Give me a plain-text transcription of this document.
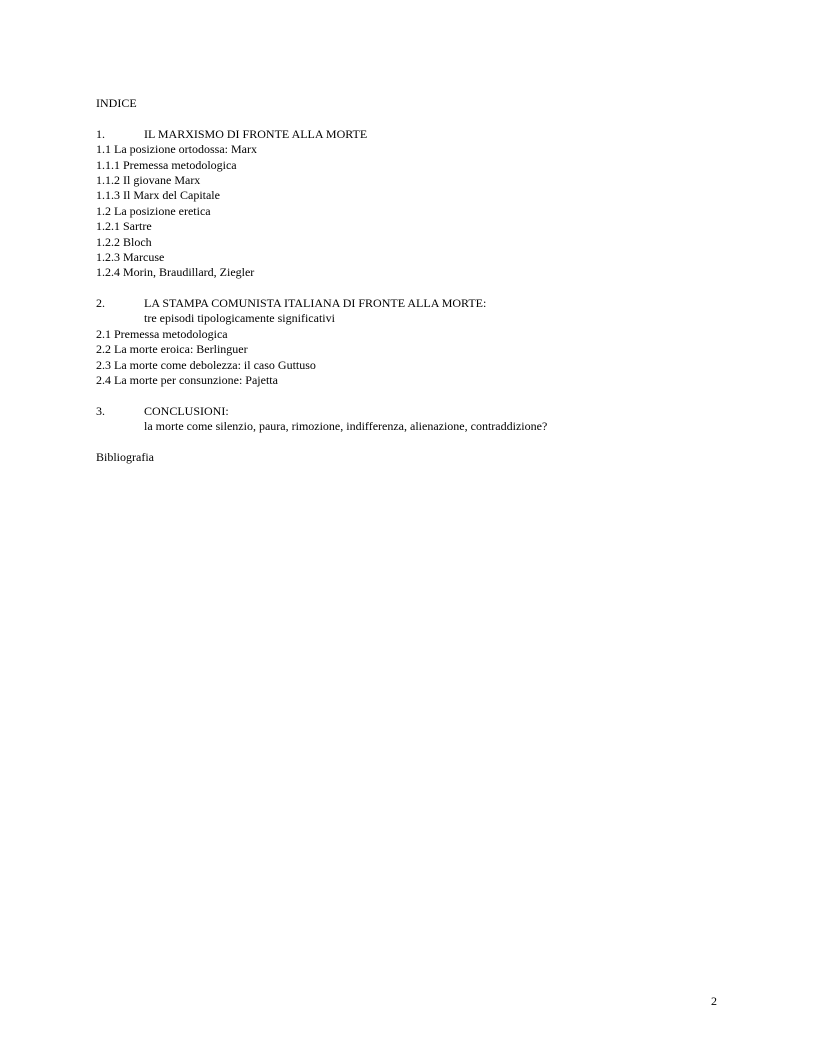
INDICE
1.	IL MARXISMO DI FRONTE ALLA MORTE
1.1 La posizione ortodossa: Marx
1.1.1 Premessa metodologica
1.1.2 Il giovane Marx
1.1.3 Il Marx del Capitale
1.2 La posizione eretica
1.2.1 Sartre
1.2.2 Bloch
1.2.3 Marcuse
1.2.4 Morin, Braudillard, Ziegler
2.	LA STAMPA COMUNISTA ITALIANA DI FRONTE ALLA MORTE:
tre episodi tipologicamente significativi
2.1 Premessa metodologica
2.2 La morte eroica: Berlinguer
2.3 La morte come debolezza: il caso Guttuso
2.4 La morte per consunzione: Pajetta
3.	CONCLUSIONI:
la morte come silenzio, paura, rimozione, indifferenza, alienazione, contraddizione?
Bibliografia
2
